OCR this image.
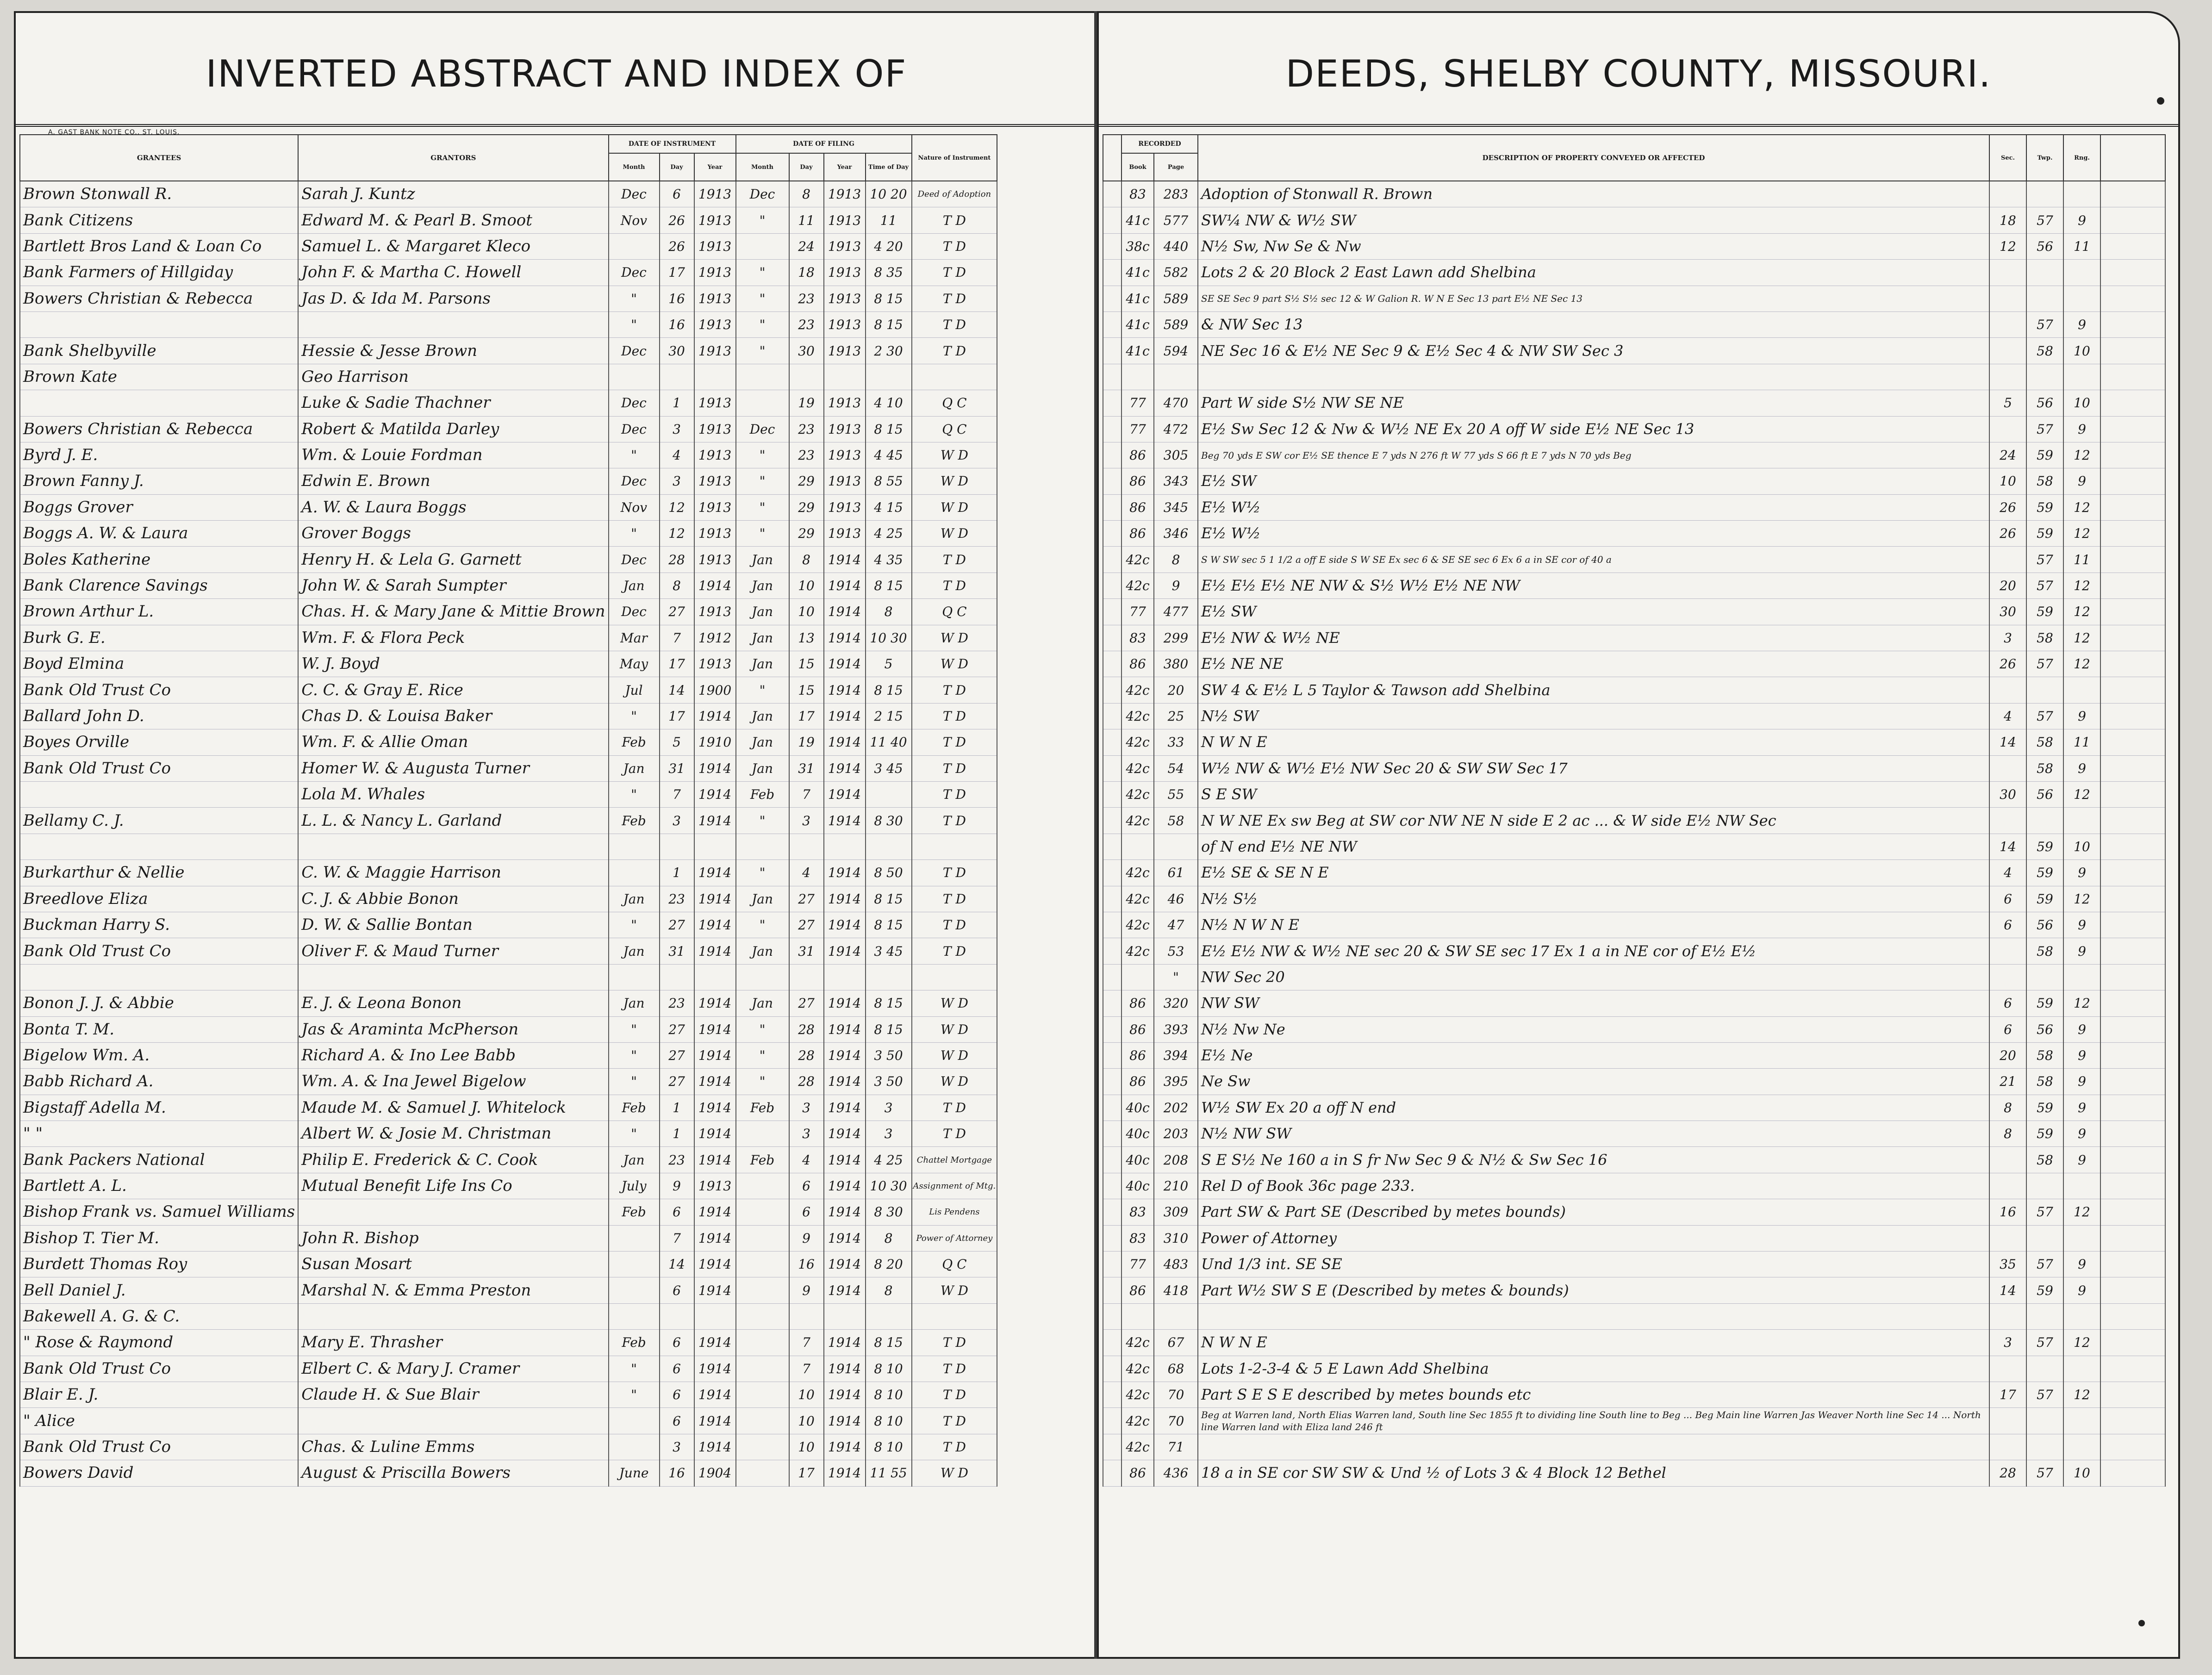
INVERTED ABSTRACT AND INDEX OF
A. GAST BANK NOTE CO., ST. LOUIS.
GRANTEES	GRANTORS	DATE OF INSTRUMENT			DATE OF FILING				Nature of Instrument
		Month	Day	Year	Month	Day	Year	Time of Day	
Brown Stonwall R.	Sarah J. Kuntz	Dec	6	1913	Dec	8	1913	10 20	Deed of Adoption
Bank Citizens	Edward M. & Pearl B. Smoot	Nov	26	1913	"	11	1913	11	T D
Bartlett Bros Land & Loan Co	Samuel L. & Margaret Kleco		26	1913		24	1913	4 20	T D
Bank Farmers of Hillgiday	John F. & Martha C. Howell	Dec	17	1913	"	18	1913	8 35	T D
Bowers Christian & Rebecca	Jas D. & Ida M. Parsons	"	16	1913	"	23	1913	8 15	T D
		"	16	1913	"	23	1913	8 15	T D
Bank Shelbyville	Hessie & Jesse Brown	Dec	30	1913	"	30	1913	2 30	T D
Brown Kate	Geo Harrison								
	Luke & Sadie Thachner	Dec	1	1913		19	1913	4 10	Q C
Bowers Christian & Rebecca	Robert & Matilda Darley	Dec	3	1913	Dec	23	1913	8 15	Q C
Byrd J. E.	Wm. & Louie Fordman	"	4	1913	"	23	1913	4 45	W D
Brown Fanny J.	Edwin E. Brown	Dec	3	1913	"	29	1913	8 55	W D
Boggs Grover	A. W. & Laura Boggs	Nov	12	1913	"	29	1913	4 15	W D
Boggs A. W. & Laura	Grover Boggs	"	12	1913	"	29	1913	4 25	W D
Boles Katherine	Henry H. & Lela G. Garnett	Dec	28	1913	Jan	8	1914	4 35	T D
Bank Clarence Savings	John W. & Sarah Sumpter	Jan	8	1914	Jan	10	1914	8 15	T D
Brown Arthur L.	Chas. H. & Mary Jane & Mittie Brown	Dec	27	1913	Jan	10	1914	8	Q C
Burk G. E.	Wm. F. & Flora Peck	Mar	7	1912	Jan	13	1914	10 30	W D
Boyd Elmina	W. J. Boyd	May	17	1913	Jan	15	1914	5	W D
Bank Old Trust Co	C. C. & Gray E. Rice	Jul	14	1900	"	15	1914	8 15	T D
Ballard John D.	Chas D. & Louisa Baker	"	17	1914	Jan	17	1914	2 15	T D
Boyes Orville	Wm. F. & Allie Oman	Feb	5	1910	Jan	19	1914	11 40	T D
Bank Old Trust Co	Homer W. & Augusta Turner	Jan	31	1914	Jan	31	1914	3 45	T D
	Lola M. Whales	"	7	1914	Feb	7	1914		T D
Bellamy C. J.	L. L. & Nancy L. Garland	Feb	3	1914	"	3	1914	8 30	T D

Burkarthur & Nellie	C. W. & Maggie Harrison		1	1914	"	4	1914	8 50	T D
Breedlove Eliza	C. J. & Abbie Bonon	Jan	23	1914	Jan	27	1914	8 15	T D
Buckman Harry S.	D. W. & Sallie Bontan	"	27	1914	"	27	1914	8 15	T D
Bank Old Trust Co	Oliver F. & Maud Turner	Jan	31	1914	Jan	31	1914	3 45	T D

Bonon J. J. & Abbie	E. J. & Leona Bonon	Jan	23	1914	Jan	27	1914	8 15	W D
Bonta T. M.	Jas & Araminta McPherson	"	27	1914	"	28	1914	8 15	W D
Bigelow Wm. A.	Richard A. & Ino Lee Babb	"	27	1914	"	28	1914	3 50	W D
Babb Richard A.	Wm. A. & Ina Jewel Bigelow	"	27	1914	"	28	1914	3 50	W D
Bigstaff Adella M.	Maude M. & Samuel J. Whitelock	Feb	1	1914	Feb	3	1914	3	T D
" "	Albert W. & Josie M. Christman	"	1	1914		3	1914	3	T D
Bank Packers National	Philip E. Frederick & C. Cook	Jan	23	1914	Feb	4	1914	4 25	Chattel Mortgage
Bartlett A. L.	Mutual Benefit Life Ins Co	July	9	1913		6	1914	10 30	Assignment of Mtg.
Bishop Frank vs. Samuel Williams		Feb	6	1914		6	1914	8 30	Lis Pendens
Bishop T. Tier M.	John R. Bishop		7	1914		9	1914	8	Power of Attorney
Burdett Thomas Roy	Susan Mosart		14	1914		16	1914	8 20	Q C
Bell Daniel J.	Marshal N. & Emma Preston		6	1914		9	1914	8	W D
Bakewell A. G. & C.									
" Rose & Raymond	Mary E. Thrasher	Feb	6	1914		7	1914	8 15	T D
Bank Old Trust Co	Elbert C. & Mary J. Cramer	"	6	1914		7	1914	8 10	T D
Blair E. J.	Claude H. & Sue Blair	"	6	1914		10	1914	8 10	T D
" Alice			6	1914		10	1914	8 10	T D
Bank Old Trust Co	Chas. & Luline Emms		3	1914		10	1914	8 10	T D
Bowers David	August & Priscilla Bowers	June	16	1904		17	1914	11 55	W D
DEEDS, SHELBY COUNTY, MISSOURI.
	RECORDED		DESCRIPTION OF PROPERTY CONVEYED OR AFFECTED	Sec.	Twp.	Rng.	
	Book	Page					
	83	283	Adoption of Stonwall R. Brown				
	41c	577	SW¼ NW & W½ SW	18	57	9	
	38c	440	N½ Sw, Nw Se & Nw	12	56	11	
	41c	582	Lots 2 & 20 Block 2 East Lawn add Shelbina				
	41c	589	SE SE Sec 9 part S½ S½ sec 12 & W Galion R. W N E Sec 13 part E½ NE Sec 13				
	41c	589	& NW Sec 13		57	9	
	41c	594	NE Sec 16 & E½ NE Sec 9 & E½ Sec 4 & NW SW Sec 3		58	10	

	77	470	Part W side S½ NW SE NE	5	56	10	
	77	472	E½ Sw Sec 12 & Nw & W½ NE Ex 20 A off W side E½ NE Sec 13		57	9	
	86	305	Beg 70 yds E SW cor E½ SE thence E 7 yds N 276 ft W 77 yds S 66 ft E 7 yds N 70 yds Beg	24	59	12	
	86	343	E½ SW	10	58	9	
	86	345	E½ W½	26	59	12	
	86	346	E½ W½	26	59	12	
	42c	8	S W SW sec 5 1 1/2 a off E side S W SE Ex sec 6 & SE SE sec 6 Ex 6 a in SE cor of 40 a		57	11	
	42c	9	E½ E½ E½ NE NW & S½ W½ E½ NE NW	20	57	12	
	77	477	E½ SW	30	59	12	
	83	299	E½ NW & W½ NE	3	58	12	
	86	380	E½ NE NE	26	57	12	
	42c	20	SW 4 & E½ L 5 Taylor & Tawson add Shelbina				
	42c	25	N½ SW	4	57	9	
	42c	33	N W N E	14	58	11	
	42c	54	W½ NW & W½ E½ NW Sec 20 & SW SW Sec 17		58	9	
	42c	55	S E SW	30	56	12	
	42c	58	N W NE Ex sw Beg at SW cor NW NE N side E 2 ac ... & W side E½ NW Sec				
			of N end E½ NE NW	14	59	10	
	42c	61	E½ SE & SE N E	4	59	9	
	42c	46	N½ S½	6	59	12	
	42c	47	N½ N W N E	6	56	9	
	42c	53	E½ E½ NW & W½ NE sec 20 & SW SE sec 17 Ex 1 a in NE cor of E½ E½		58	9	
		"	NW Sec 20				
	86	320	NW SW	6	59	12	
	86	393	N½ Nw Ne	6	56	9	
	86	394	E½ Ne	20	58	9	
	86	395	Ne Sw	21	58	9	
	40c	202	W½ SW Ex 20 a off N end	8	59	9	
	40c	203	N½ NW SW	8	59	9	
	40c	208	S E S½ Ne 160 a in S fr Nw Sec 9 & N½ & Sw Sec 16		58	9	
	40c	210	Rel D of Book 36c page 233.				
	83	309	Part SW & Part SE (Described by metes bounds)	16	57	12	
	83	310	Power of Attorney				
	77	483	Und 1/3 int. SE SE	35	57	9	
	86	418	Part W½ SW S E (Described by metes & bounds)	14	59	9	

	42c	67	N W N E	3	57	12	
	42c	68	Lots 1-2-3-4 & 5 E Lawn Add Shelbina				
	42c	70	Part S E S E described by metes bounds etc	17	57	12	
	42c	70	Beg at Warren land, North Elias Warren land, South line Sec 1855 ft to dividing line South line to Beg ... Beg Main line Warren Jas Weaver North line Sec 14 ... North line Warren land with Eliza land 246 ft				
	42c	71					
	86	436	18 a in SE cor SW SW & Und ½ of Lots 3 & 4 Block 12 Bethel	28	57	10	
